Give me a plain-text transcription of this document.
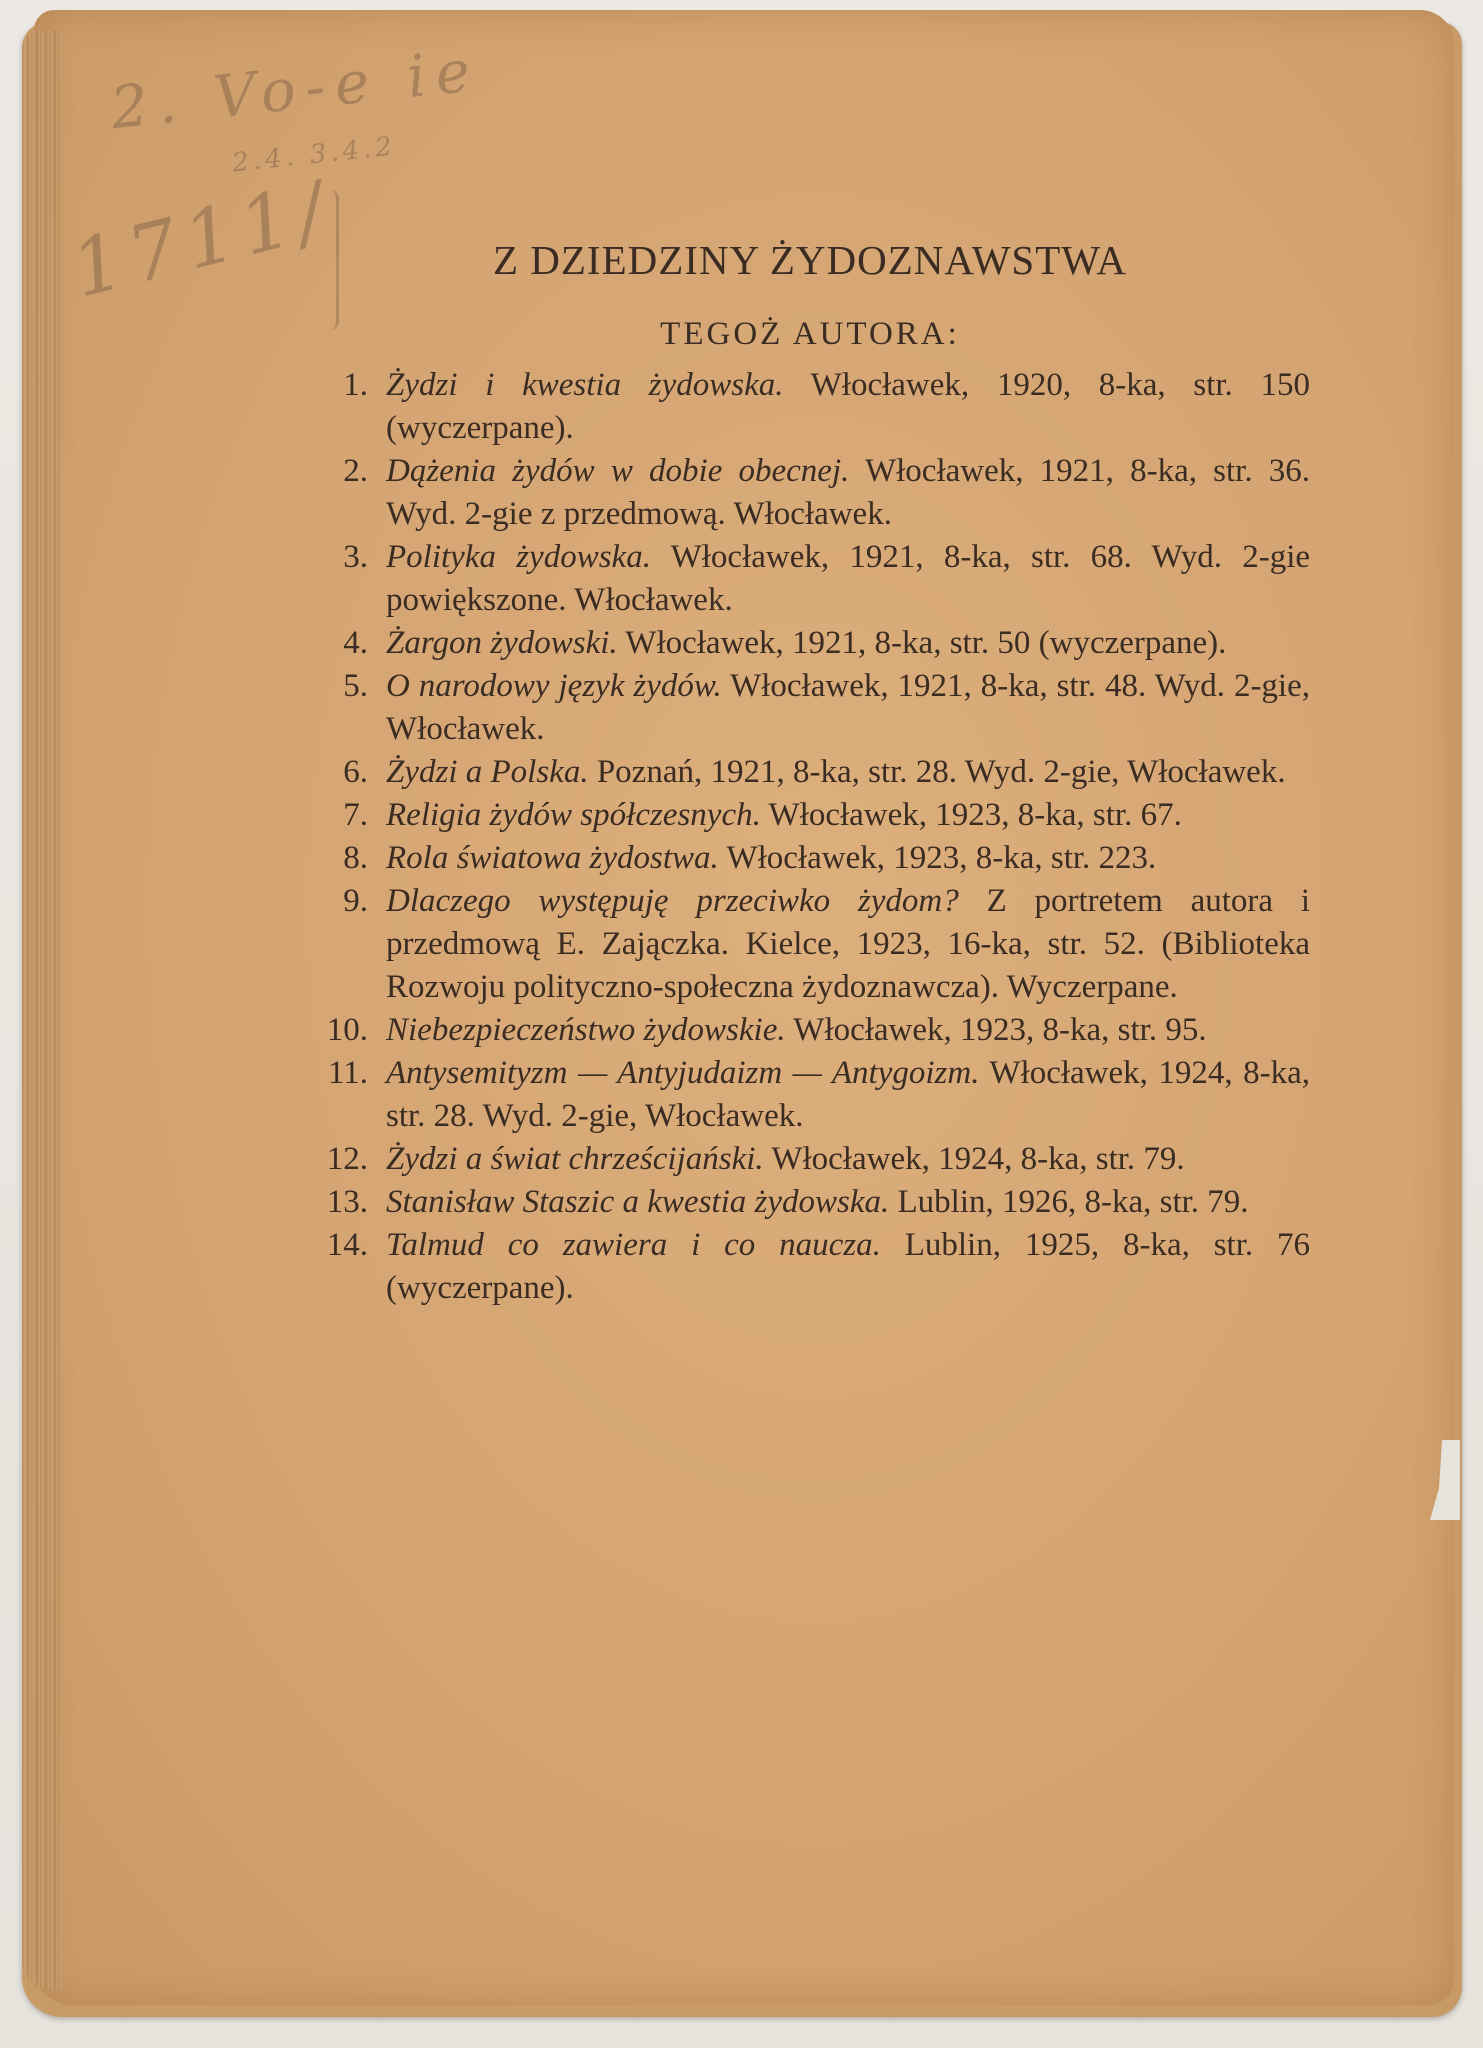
2. Vo-e ie
2.4. 3.4.2
1711/	Z DZIEDZINY ŻYDOZNAWSTWA
TEGOŻ AUTORA:
1. Żydzi i kwestia żydowska. Włocławek, 1920, 8-ka, str. 150 (wyczerpane).
2. Dążenia żydów w dobie obecnej. Włocławek, 1921, 8-ka, str. 36. Wyd. 2-gie z przedmową. Włocławek.
3. Polityka żydowska. Włocławek, 1921, 8-ka, str. 68. Wyd. 2-gie powiększone. Włocławek.
4. Żargon żydowski. Włocławek, 1921, 8-ka, str. 50 (wyczerpane).
5. O narodowy język żydów. Włocławek, 1921, 8-ka, str. 48. Wyd. 2-gie, Włocławek.
6. Żydzi a Polska. Poznań, 1921, 8-ka, str. 28. Wyd. 2-gie, Włocławek.
7. Religia żydów spółczesnych. Włocławek, 1923, 8-ka, str. 67.
8. Rola światowa żydostwa. Włocławek, 1923, 8-ka, str. 223.
9. Dlaczego występuję przeciwko żydom? Z portretem autora i przedmową E. Zajączka. Kielce, 1923, 16-ka, str. 52. (Biblioteka Rozwoju polityczno-społeczna żydoznawcza). Wyczerpane.
10. Niebezpieczeństwo żydowskie. Włocławek, 1923, 8-ka, str. 95.
11. Antysemityzm — Antyjudaizm — Antygoizm. Włocławek, 1924, 8-ka, str. 28. Wyd. 2-gie, Włocławek.
12. Żydzi a świat chrześcijański. Włocławek, 1924, 8-ka, str. 79.
13. Stanisław Staszic a kwestia żydowska. Lublin, 1926, 8-ka, str. 79.
14. Talmud co zawiera i co naucza. Lublin, 1925, 8-ka, str. 76 (wyczerpane).
